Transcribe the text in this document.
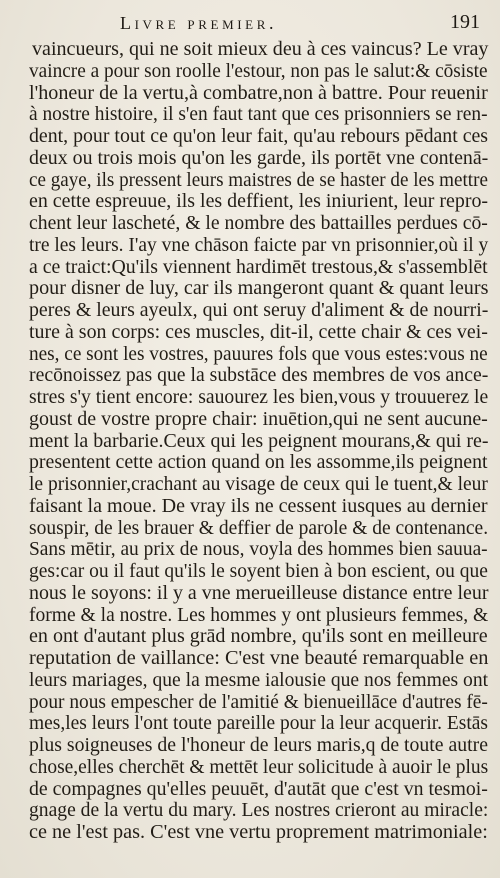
Livre premier.	191
vaincueurs, qui ne soit mieux deu à ces vaincus? Le vray
vaincre a pour son roolle l'estour, non pas le salut:& cōsiste
l'honeur de la vertu,à combatre,non à battre. Pour reuenir
à nostre histoire, il s'en faut tant que ces prisonniers se ren-
dent, pour tout ce qu'on leur fait, qu'au rebours pēdant ces
deux ou trois mois qu'on les garde, ils portēt vne contenā-
ce gaye, ils pressent leurs maistres de se haster de les mettre
en cette espreuue, ils les deffient, les iniurient, leur repro-
chent leur lascheté, & le nombre des battailles perdues cō-
tre les leurs. I'ay vne chāson faicte par vn prisonnier,où il y
a ce traict:Qu'ils viennent hardimēt trestous,& s'assemblēt
pour disner de luy, car ils mangeront quant & quant leurs
peres & leurs ayeulx, qui ont seruy d'aliment & de nourri-
ture à son corps: ces muscles, dit-il, cette chair & ces vei-
nes, ce sont les vostres, pauures fols que vous estes:vous ne
recōnoissez pas que la substāce des membres de vos ance-
stres s'y tient encore: sauourez les bien,vous y trouuerez le
goust de vostre propre chair: inuētion,qui ne sent aucune-
ment la barbarie.Ceux qui les peignent mourans,& qui re-
presentent cette action quand on les assomme,ils peignent
le prisonnier,crachant au visage de ceux qui le tuent,& leur
faisant la moue. De vray ils ne cessent iusques au dernier
souspir, de les brauer & deffier de parole & de contenance.
Sans mētir, au prix de nous, voyla des hommes bien sauua-
ges:car ou il faut qu'ils le soyent bien à bon escient, ou que
nous le soyons: il y a vne merueilleuse distance entre leur
forme & la nostre. Les hommes y ont plusieurs femmes, &
en ont d'autant plus grād nombre, qu'ils sont en meilleure
reputation de vaillance: C'est vne beauté remarquable en
leurs mariages, que la mesme ialousie que nos femmes ont
pour nous empescher de l'amitié & bienueillāce d'autres fē-
mes,les leurs l'ont toute pareille pour la leur acquerir. Estās
plus soigneuses de l'honeur de leurs maris,q de toute autre
chose,elles cherchēt & mettēt leur solicitude à auoir le plus
de compagnes qu'elles peuuēt, d'autāt que c'est vn tesmoi-
gnage de la vertu du mary. Les nostres crieront au miracle:
ce ne l'est pas. C'est vne vertu proprement matrimoniale:
